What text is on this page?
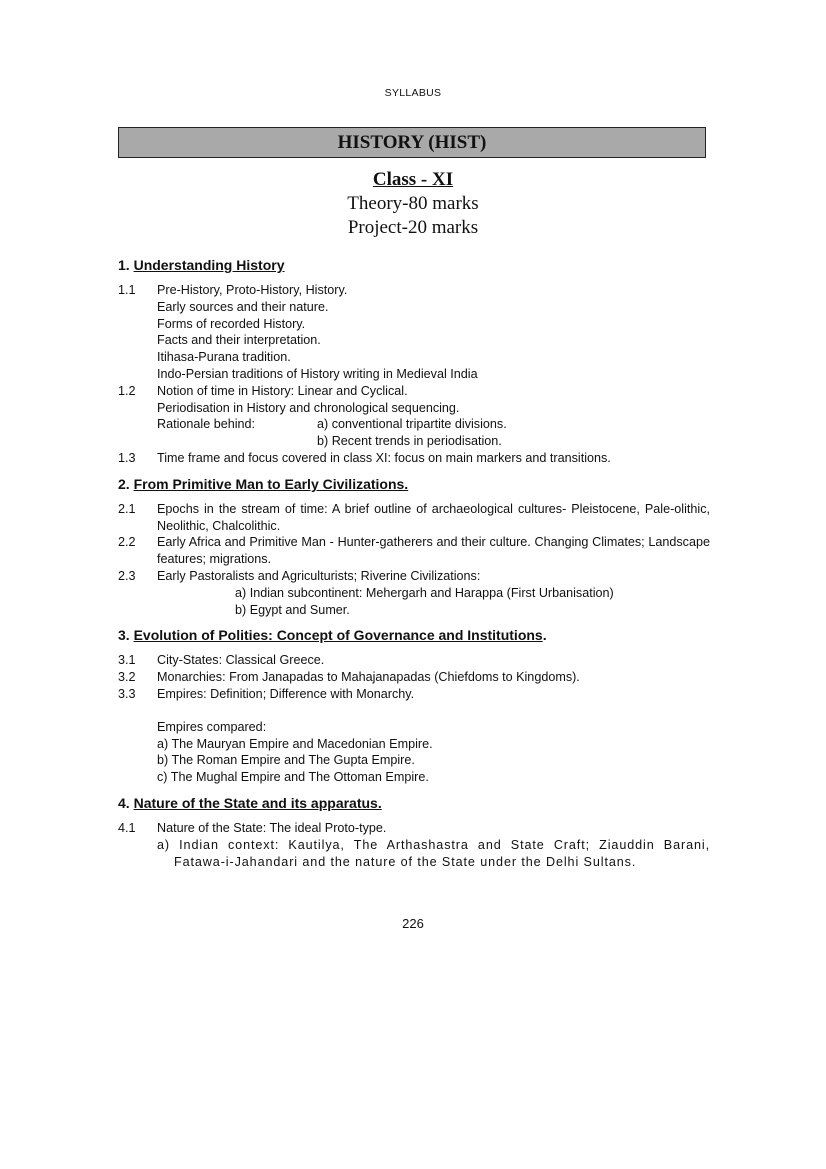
SYLLABUS
HISTORY (HIST)
Class - XI
Theory-80 marks
Project-20 marks
1. Understanding History
1.1	Pre-History, Proto-History, History.
Early sources and their nature.
Forms of recorded History.
Facts and their interpretation.
Itihasa-Purana tradition.
Indo-Persian traditions of History writing in Medieval India
1.2	Notion of time in History: Linear and Cyclical.
Periodisation in History and chronological sequencing.
Rationale behind:	a) conventional tripartite divisions.
b) Recent trends in periodisation.
1.3	Time frame and focus covered in class XI: focus on main markers and transitions.
2. From Primitive Man to Early Civilizations.
2.1	Epochs in the stream of time: A brief outline of archaeological cultures- Pleistocene, Pale-olithic, Neolithic, Chalcolithic.
2.2	Early Africa and Primitive Man - Hunter-gatherers and their culture. Changing Climates; Landscape features; migrations.
2.3	Early Pastoralists and Agriculturists; Riverine Civilizations:
a) Indian subcontinent: Mehergarh and Harappa (First Urbanisation)
b) Egypt and Sumer.
3. Evolution of Polities: Concept of Governance and Institutions.
3.1	City-States: Classical Greece.
3.2	Monarchies: From Janapadas to Mahajanapadas (Chiefdoms to Kingdoms).
3.3	Empires: Definition; Difference with Monarchy.
Empires compared:
a) The Mauryan Empire and Macedonian Empire.
b) The Roman Empire and The Gupta Empire.
c) The Mughal Empire and The Ottoman Empire.
4. Nature of the State and its apparatus.
4.1	Nature of the State: The ideal Proto-type.
a) Indian context: Kautilya, The Arthashastra and State Craft; Ziauddin Barani, Fatawa-i-Jahandari and the nature of the State under the Delhi Sultans.
226
